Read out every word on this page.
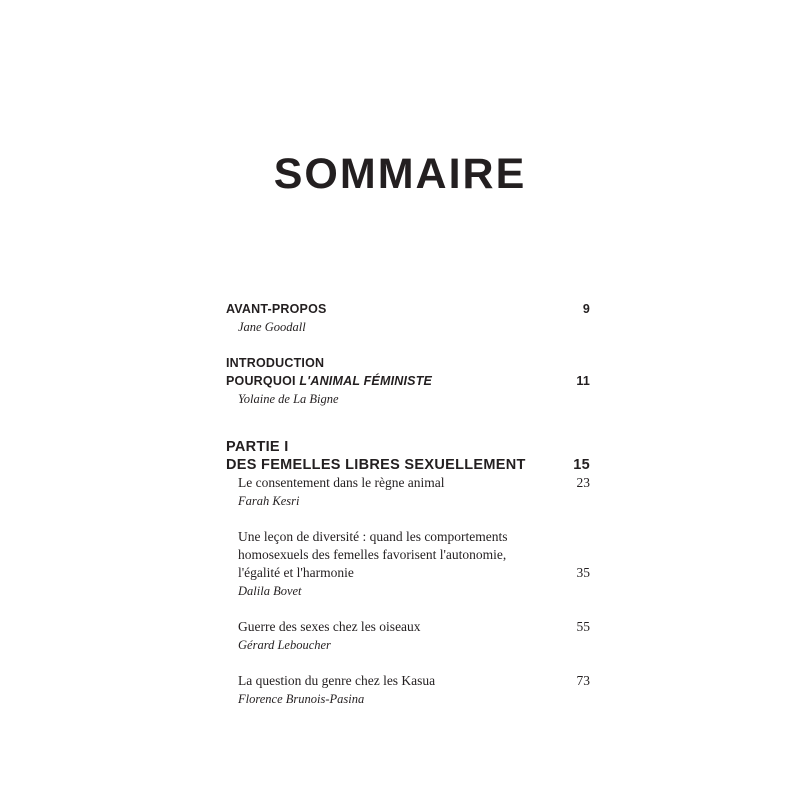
SOMMAIRE
AVANT-PROPOS	9
Jane Goodall
INTRODUCTION
POURQUOI L'ANIMAL FÉMINISTE	11
Yolaine de La Bigne
PARTIE I
DES FEMELLES LIBRES SEXUELLEMENT	15
Le consentement dans le règne animal	23
Farah Kesri
Une leçon de diversité : quand les comportements
homosexuels des femelles favorisent l'autonomie,
l'égalité et l'harmonie	35
Dalila Bovet
Guerre des sexes chez les oiseaux	55
Gérard Leboucher
La question du genre chez les Kasua	73
Florence Brunois-Pasina
